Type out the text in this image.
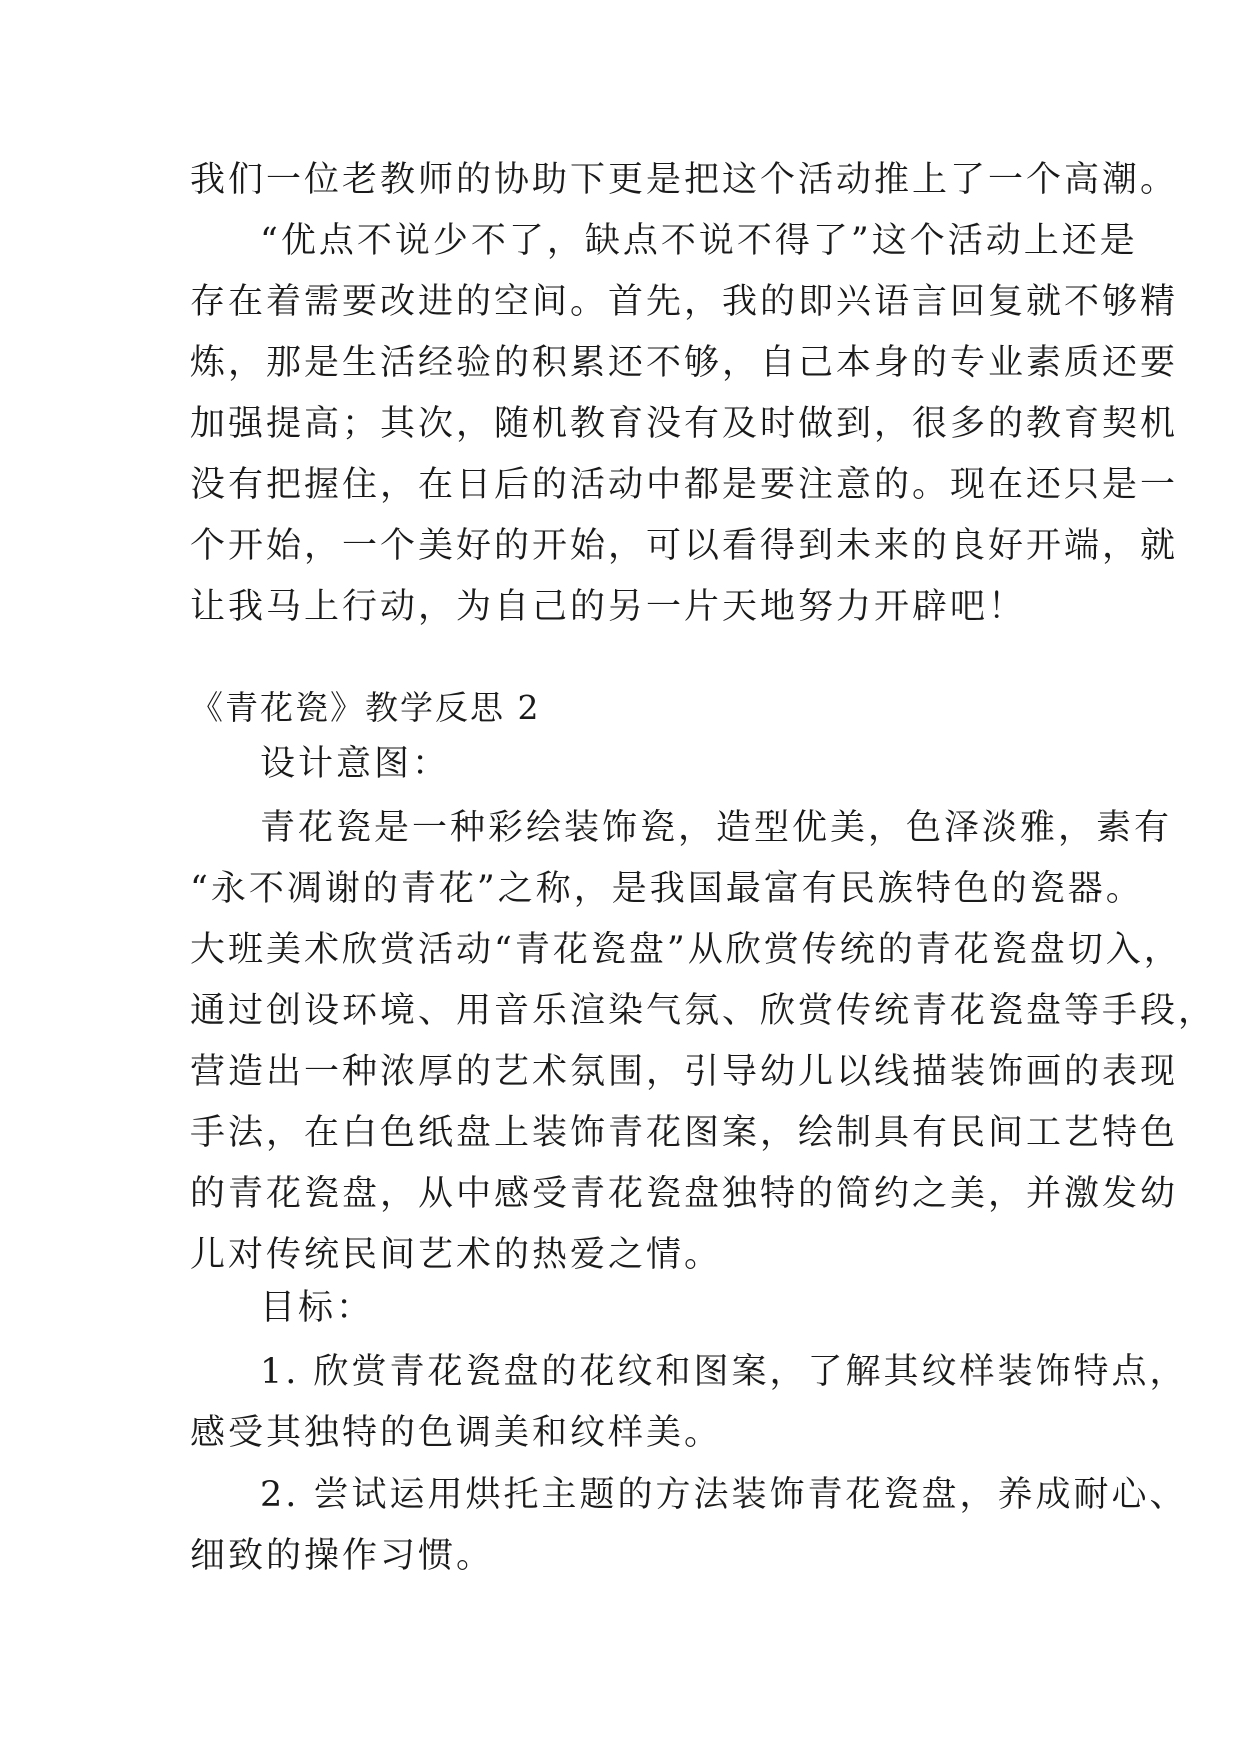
我们一位老教师的协助下更是把这个活动推上了一个高潮。
“优点不说少不了，缺点不说不得了”这个活动上还是
存在着需要改进的空间。首先，我的即兴语言回复就不够精
炼，那是生活经验的积累还不够，自己本身的专业素质还要
加强提高；其次，随机教育没有及时做到，很多的教育契机
没有把握住，在日后的活动中都是要注意的。现在还只是一
个开始，一个美好的开始，可以看得到未来的良好开端，就
让我马上行动，为自己的另一片天地努力开辟吧！
《青花瓷》教学反思 2
设计意图：
青花瓷是一种彩绘装饰瓷，造型优美，色泽淡雅，素有
“永不凋谢的青花”之称，是我国最富有民族特色的瓷器。
大班美术欣赏活动“青花瓷盘”从欣赏传统的青花瓷盘切入，
通过创设环境、用音乐渲染气氛、欣赏传统青花瓷盘等手段，
营造出一种浓厚的艺术氛围，引导幼儿以线描装饰画的表现
手法，在白色纸盘上装饰青花图案，绘制具有民间工艺特色
的青花瓷盘，从中感受青花瓷盘独特的简约之美，并激发幼
儿对传统民间艺术的热爱之情。
目标：
1. 欣赏青花瓷盘的花纹和图案，了解其纹样装饰特点，
感受其独特的色调美和纹样美。
2. 尝试运用烘托主题的方法装饰青花瓷盘，养成耐心、
细致的操作习惯。
